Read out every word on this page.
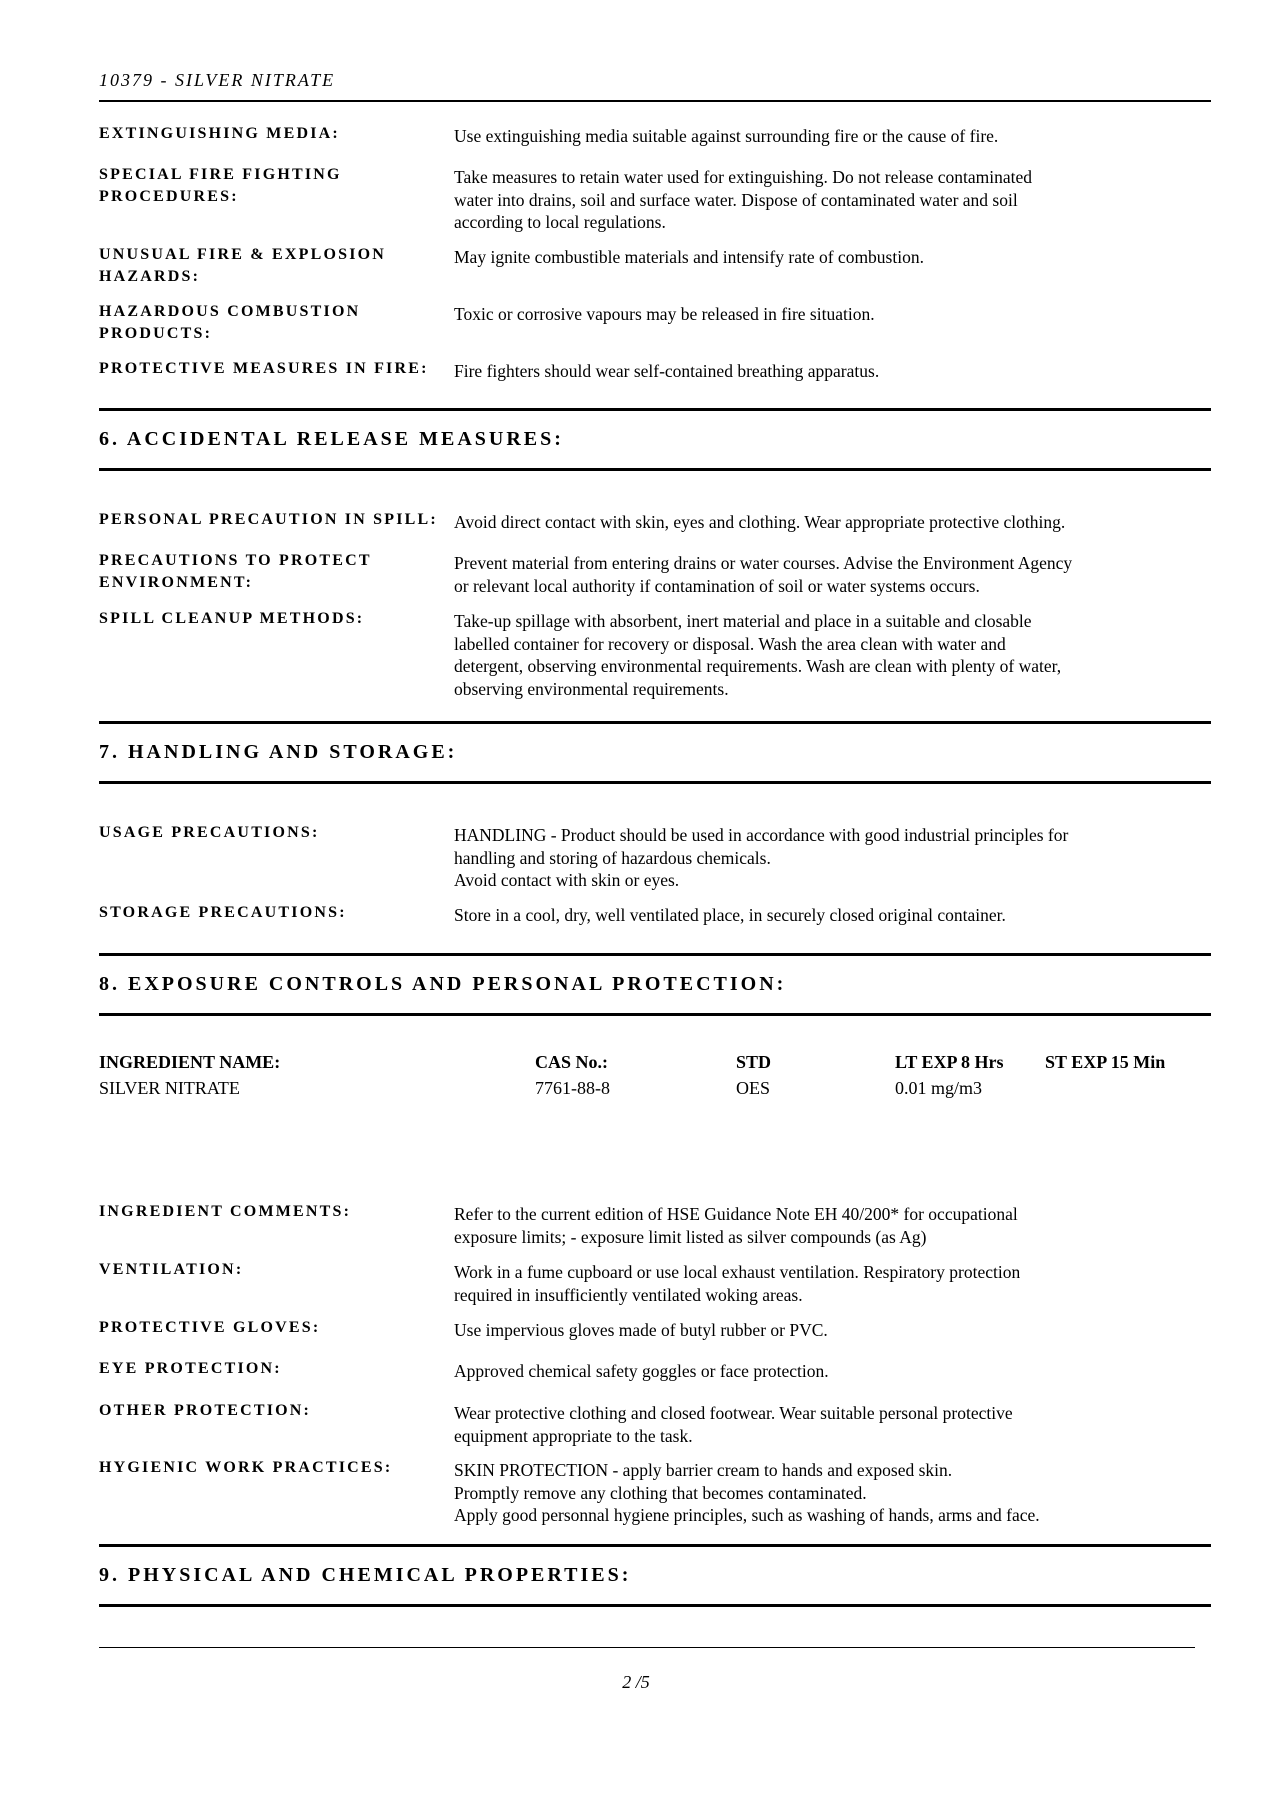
10379 - SILVER NITRATE
EXTINGUISHING MEDIA:	Use extinguishing media suitable against surrounding fire or the cause of fire.
SPECIAL FIRE FIGHTING
PROCEDURES:
Take measures to retain water used for extinguishing. Do not release contaminated
water into drains, soil and surface water. Dispose of contaminated water and soil
according to local regulations.
UNUSUAL FIRE & EXPLOSION
HAZARDS:
May ignite combustible materials and intensify rate of combustion.
HAZARDOUS COMBUSTION
PRODUCTS:
Toxic or corrosive vapours may be released in fire situation.
PROTECTIVE MEASURES IN FIRE:	Fire fighters should wear self-contained breathing apparatus.
6. ACCIDENTAL RELEASE MEASURES:
PERSONAL PRECAUTION IN SPILL: Avoid direct contact with skin, eyes and clothing. Wear appropriate protective clothing.
PRECAUTIONS TO PROTECT
ENVIRONMENT:
Prevent material from entering drains or water courses. Advise the Environment Agency
or relevant local authority if contamination of soil or water systems occurs.
SPILL CLEANUP METHODS:	Take-up spillage with absorbent, inert material and place in a suitable and closable
labelled container for recovery or disposal. Wash the area clean with water and
detergent, observing environmental requirements. Wash are clean with plenty of water,
observing environmental requirements.
7. HANDLING AND STORAGE:
USAGE PRECAUTIONS:	HANDLING - Product should be used in accordance with good industrial principles for
handling and storing of hazardous chemicals.
Avoid contact with skin or eyes.
STORAGE PRECAUTIONS:	Store in a cool, dry, well ventilated place, in securely closed original container.
8. EXPOSURE CONTROLS AND PERSONAL PROTECTION:
INGREDIENT NAME:	CAS No.:	STD	LT EXP 8 Hrs ST EXP 15 Min
SILVER NITRATE	7761-88-8	OES	0.01 mg/m3
INGREDIENT COMMENTS:	Refer to the current edition of HSE Guidance Note EH 40/200* for occupational
exposure limits; - exposure limit listed as silver compounds (as Ag)
VENTILATION:	Work in a fume cupboard or use local exhaust ventilation. Respiratory protection
required in insufficiently ventilated woking areas.
PROTECTIVE GLOVES:	Use impervious gloves made of butyl rubber or PVC.
EYE PROTECTION:	Approved chemical safety goggles or face protection.
OTHER PROTECTION:	Wear protective clothing and closed footwear. Wear suitable personal protective
equipment appropriate to the task.
HYGIENIC WORK PRACTICES:	SKIN PROTECTION - apply barrier cream to hands and exposed skin.
Promptly remove any clothing that becomes contaminated.
Apply good personnal hygiene principles, such as washing of hands, arms and face.
9. PHYSICAL AND CHEMICAL PROPERTIES:
2 /5
